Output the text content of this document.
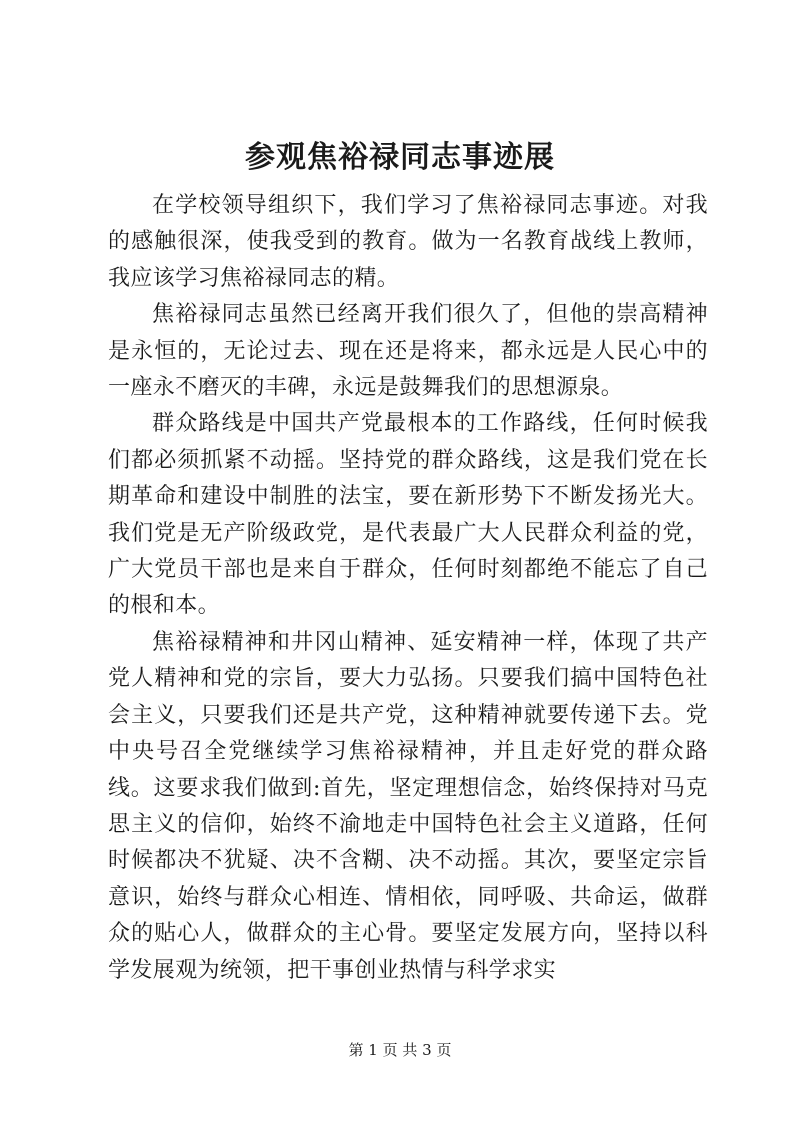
参观焦裕禄同志事迹展

在学校领导组织下，我们学习了焦裕禄同志事迹。对我的感触很深，使我受到的教育。做为一名教育战线上教师，我应该学习焦裕禄同志的精。

焦裕禄同志虽然已经离开我们很久了，但他的崇高精神是永恒的，无论过去、现在还是将来，都永远是人民心中的一座永不磨灭的丰碑，永远是鼓舞我们的思想源泉。

群众路线是中国共产党最根本的工作路线，任何时候我们都必须抓紧不动摇。坚持党的群众路线，这是我们党在长期革命和建设中制胜的法宝，要在新形势下不断发扬光大。我们党是无产阶级政党，是代表最广大人民群众利益的党，广大党员干部也是来自于群众，任何时刻都绝不能忘了自己的根和本。

焦裕禄精神和井冈山精神、延安精神一样，体现了共产党人精神和党的宗旨，要大力弘扬。只要我们搞中国特色社会主义，只要我们还是共产党，这种精神就要传递下去。党中央号召全党继续学习焦裕禄精神，并且走好党的群众路线。这要求我们做到:首先，坚定理想信念，始终保持对马克思主义的信仰，始终不渝地走中国特色社会主义道路，任何时候都决不犹疑、决不含糊、决不动摇。其次，要坚定宗旨意识，始终与群众心相连、情相依，同呼吸、共命运，做群众的贴心人，做群众的主心骨。要坚定发展方向，坚持以科学发展观为统领，把干事创业热情与科学求实

第 1 页 共 3 页
